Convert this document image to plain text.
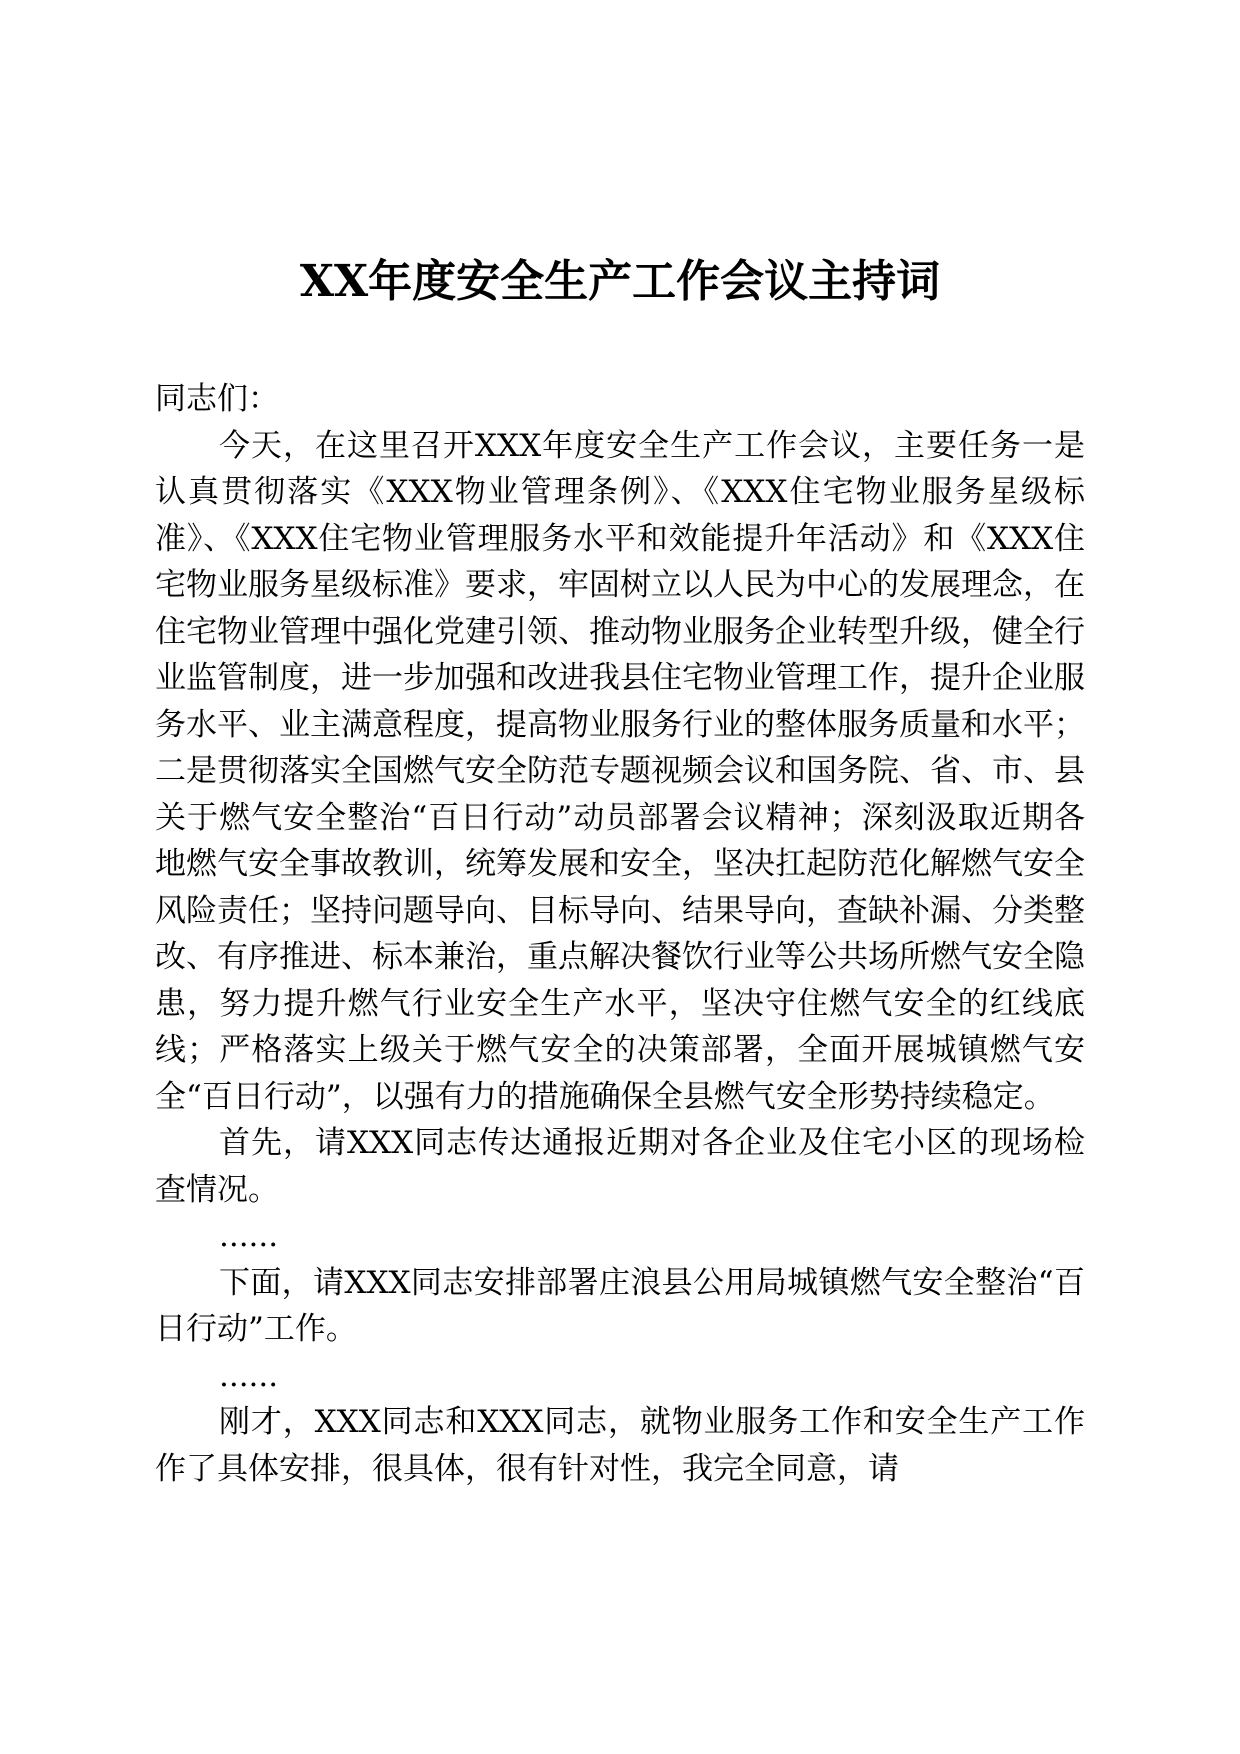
XX年度安全生产工作会议主持词

同志们：

今天，在这里召开XXX年度安全生产工作会议，主要任务一是认真贯彻落实《XXX物业管理条例》、《XXX住宅物业服务星级标准》、《XXX住宅物业管理服务水平和效能提升年活动》和《XXX住宅物业服务星级标准》要求，牢固树立以人民为中心的发展理念，在住宅物业管理中强化党建引领、推动物业服务企业转型升级，健全行业监管制度，进一步加强和改进我县住宅物业管理工作，提升企业服务水平、业主满意程度，提高物业服务行业的整体服务质量和水平；二是贯彻落实全国燃气安全防范专题视频会议和国务院、省、市、县关于燃气安全整治“百日行动”动员部署会议精神；深刻汲取近期各地燃气安全事故教训，统筹发展和安全，坚决扛起防范化解燃气安全风险责任；坚持问题导向、目标导向、结果导向，查缺补漏、分类整改、有序推进、标本兼治，重点解决餐饮行业等公共场所燃气安全隐患，努力提升燃气行业安全生产水平，坚决守住燃气安全的红线底线；严格落实上级关于燃气安全的决策部署，全面开展城镇燃气安全“百日行动”，以强有力的措施确保全县燃气安全形势持续稳定。

首先，请XXX同志传达通报近期对各企业及住宅小区的现场检查情况。

......

下面，请XXX同志安排部署庄浪县公用局城镇燃气安全整治“百日行动”工作。

......

刚才，XXX同志和XXX同志，就物业服务工作和安全生产工作作了具体安排，很具体，很有针对性，我完全同意，请
